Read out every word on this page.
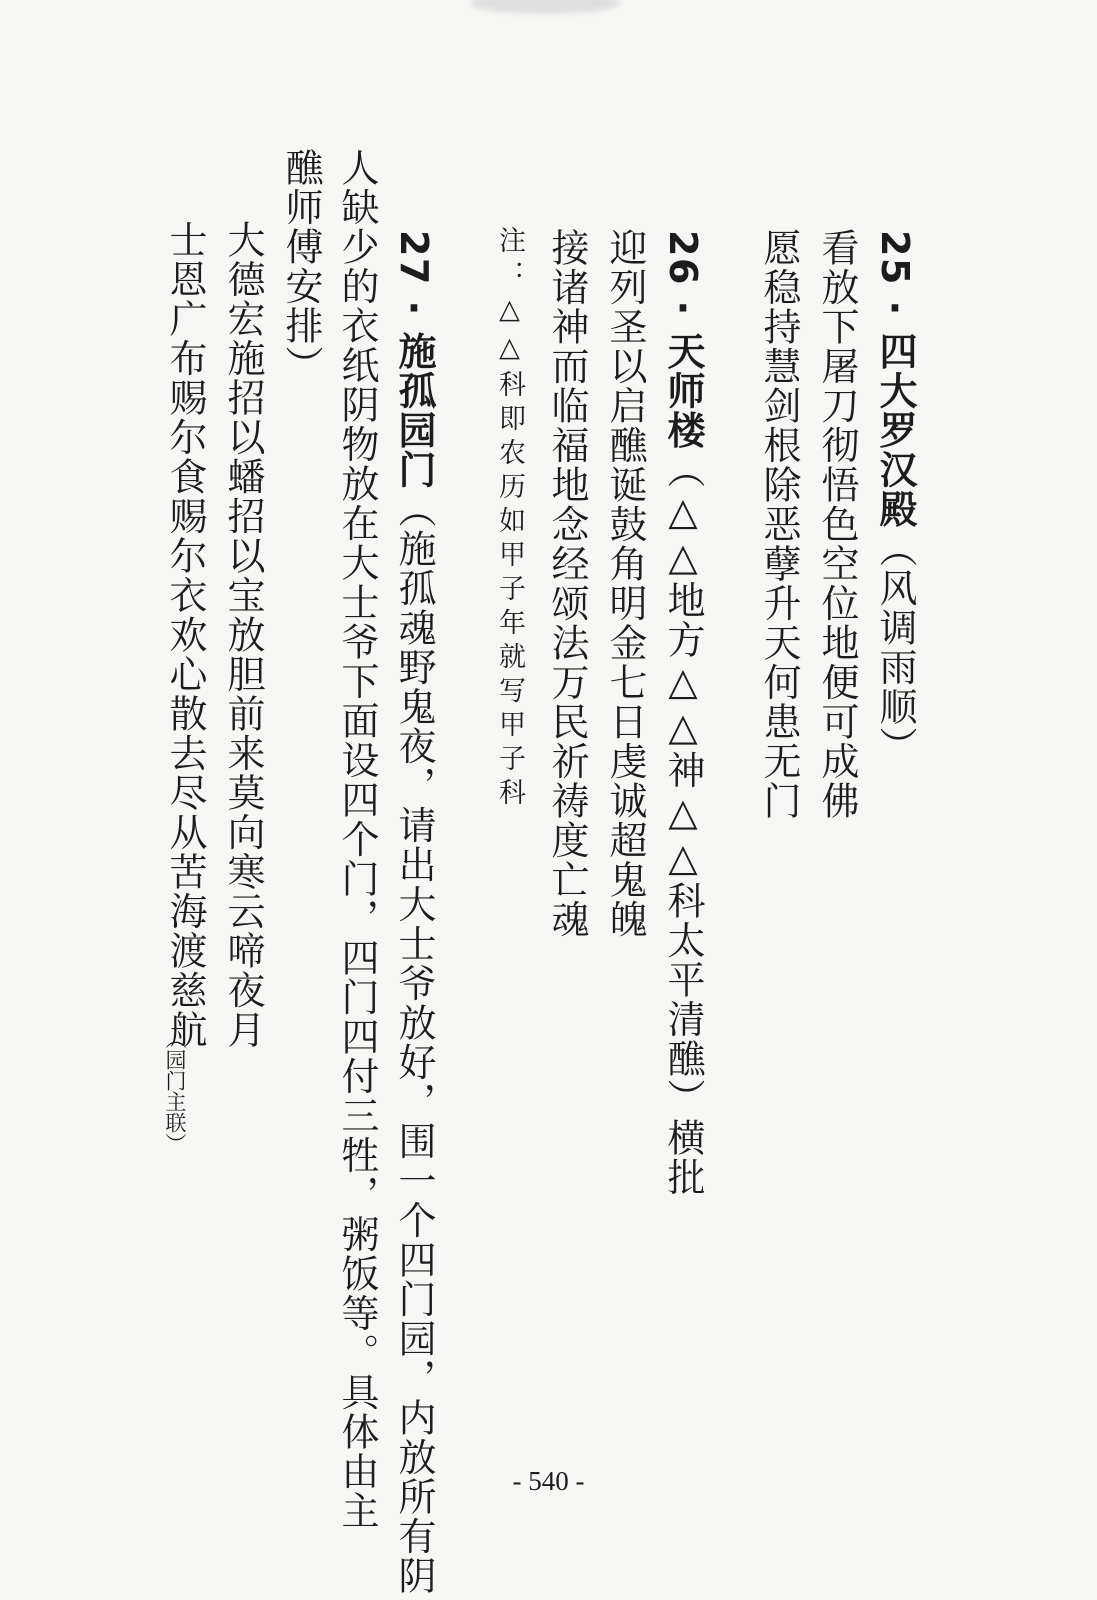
25·四大罗汉殿（风调雨顺）
看放下屠刀彻悟色空位地便可成佛
愿稳持慧剑根除恶孽升天何患无门
26·天师楼（△△地方△△神△△科太平清醮）横批
迎列圣以启醮诞鼓角明金七日虔诚超鬼魄
接诸神而临福地念经颂法万民祈祷度亡魂
注：△△科即农历如甲子年就写甲子科
27·施孤园门（施孤魂野鬼夜，请出大士爷放好，围一个四门园，内放所有阴
人缺少的衣纸阴物放在大士爷下面设四个门，四门四付三牲，粥饭等。具体由主
醮师傅安排）
大德宏施招以蟠招以宝放胆前来莫向寒云啼夜月
士恩广布赐尔食赐尔衣欢心散去尽从苦海渡慈航
（园门主联）
- 540 -
